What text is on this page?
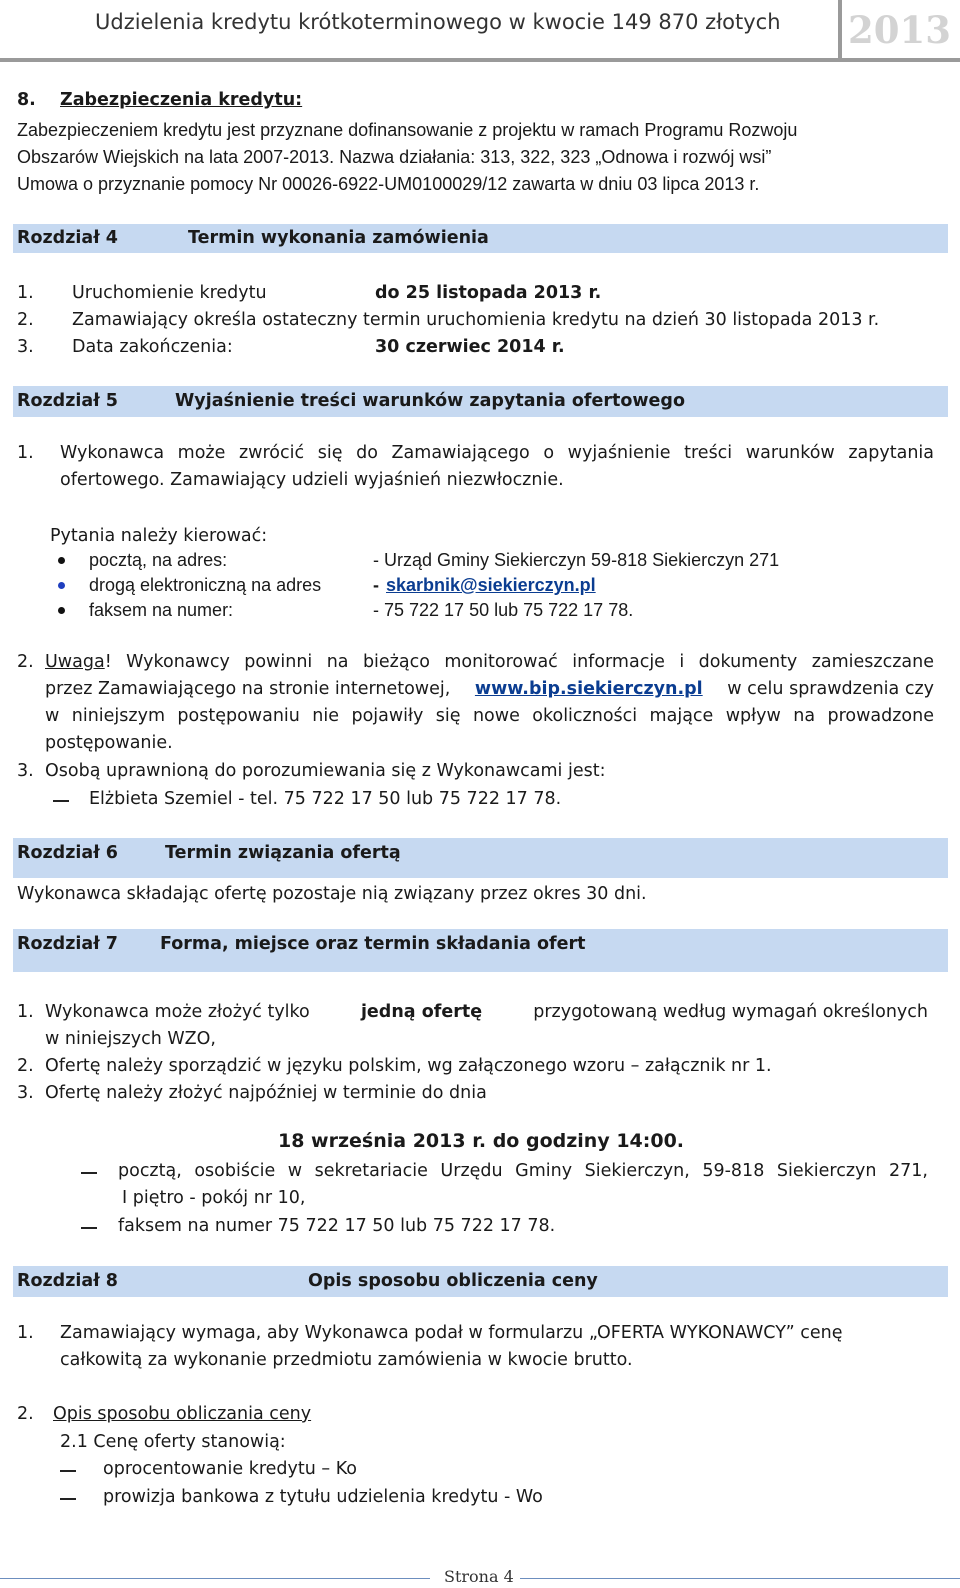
Udzielenia kredytu krótkoterminowego w kwocie 149 870 złotych 2013
8. Zabezpieczenia kredytu:
Zabezpieczeniem kredytu jest przyznane dofinansowanie z projektu w ramach Programu Rozwoju
Obszarów Wiejskich na lata 2007-2013. Nazwa działania: 313, 322, 323 „Odnowa i rozwój wsi”
Umowa o przyznanie pomocy Nr 00026-6922-UM0100029/12 zawarta w dniu 03 lipca 2013 r.
Rozdział 4	Termin wykonania zamówienia
1. Uruchomienie kredytu	do 25 listopada 2013 r.
2. Zamawiający określa ostateczny termin uruchomienia kredytu na dzień 30 listopada 2013 r.
3. Data zakończenia:	30 czerwiec 2014 r.
Rozdział 5	Wyjaśnienie treści warunków zapytania ofertowego
1. Wykonawca może zwrócić się do Zamawiającego o wyjaśnienie treści warunków zapytania
ofertowego. Zamawiający udzieli wyjaśnień niezwłocznie.
Pytania należy kierować:
pocztą, na adres:	- Urząd Gminy Siekierczyn 59-818 Siekierczyn 271
drogą elektroniczną na adres	- skarbnik@siekierczyn.pl
faksem na numer:	- 75 722 17 50 lub 75 722 17 78.
2. Uwaga ! Wykonawcy powinni na bieżąco monitorować informacje i dokumenty zamieszczane
przez Zamawiającego na stronie internetowej, www.bip.siekierczyn.pl w celu sprawdzenia czy
w niniejszym postępowaniu nie pojawiły się nowe okoliczności mające wpływ na prowadzone
postępowanie.
3. Osobą uprawnioną do porozumiewania się z Wykonawcami jest:
Elżbieta Szemiel - tel. 75 722 17 50 lub 75 722 17 78.
Rozdział 6	Termin związania ofertą
Wykonawca składając ofertę pozostaje nią związany przez okres 30 dni.
Rozdział 7 Forma, miejsce oraz termin składania ofert
1. Wykonawca może złożyć tylko	jedną ofertę	przygotowaną według wymagań określonych
w niniejszych WZO,
2. Ofertę należy sporządzić w języku polskim, wg załączonego wzoru – załącznik nr 1.
3. Ofertę należy złożyć najpóźniej w terminie do dnia
18 września 2013 r. do godziny 14:00.
pocztą, osobiście w sekretariacie Urzędu Gminy Siekierczyn, 59-818 Siekierczyn 271,
I piętro - pokój nr 10,
faksem na numer 75 722 17 50 lub 75 722 17 78.
Rozdział 8	Opis sposobu obliczenia ceny
1. Zamawiający wymaga, aby Wykonawca podał w formularzu „OFERTA WYKONAWCY” cenę
całkowitą za wykonanie przedmiotu zamówienia w kwocie brutto.
2. Opis sposobu obliczania ceny
2.1 Cenę oferty stanowią:
oprocentowanie kredytu – Ko
prowizja bankowa z tytułu udzielenia kredytu - Wo
Strona 4
